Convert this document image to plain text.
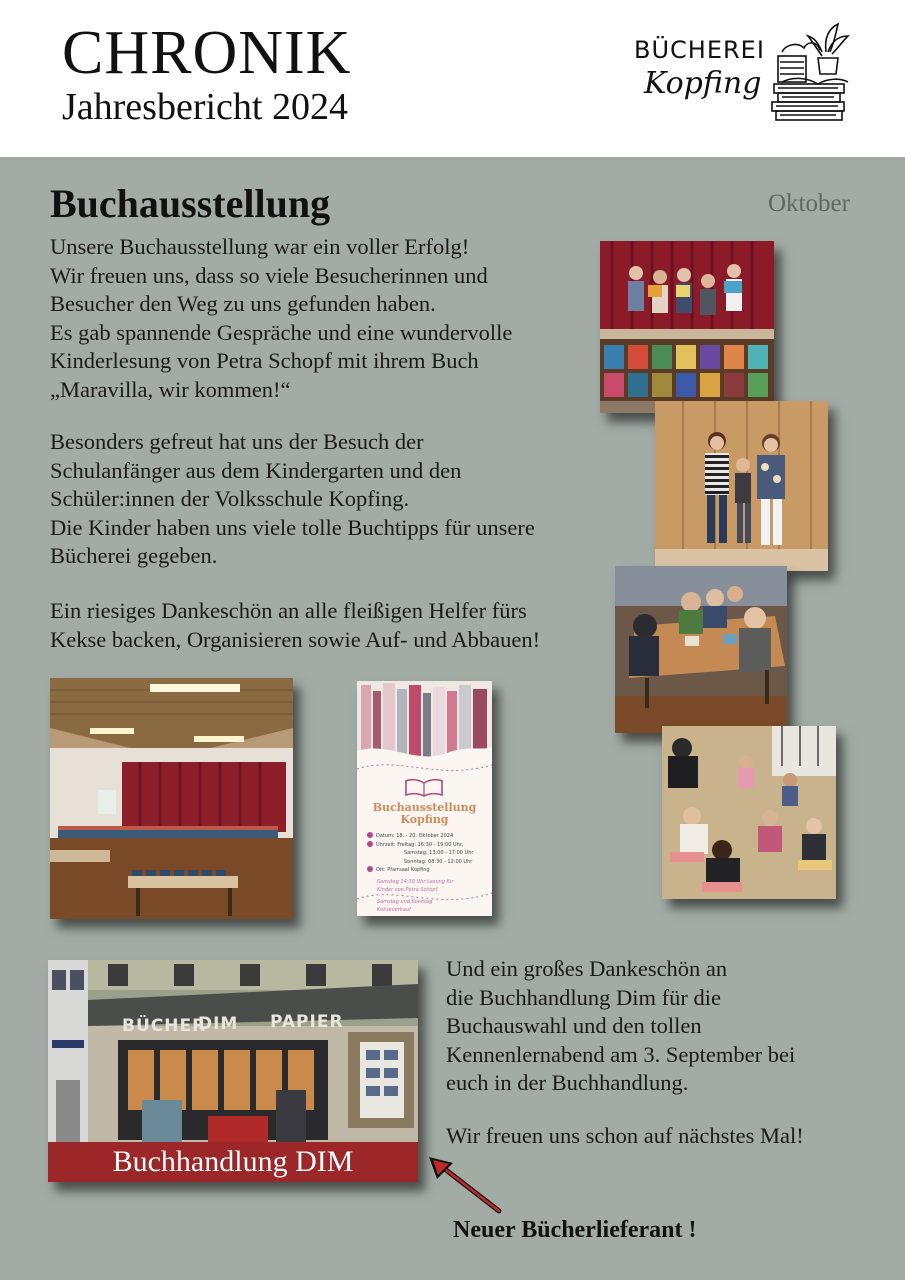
CHRONIK
Jahresbericht 2024
BÜCHEREI
Kopfing
Buchausstellung	Oktober
Unsere Buchausstellung war ein voller Erfolg!
Wir freuen uns, dass so viele Besucherinnen und
Besucher den Weg zu uns gefunden haben.
Es gab spannende Gespräche und eine wundervolle
Kinderlesung von Petra Schopf mit ihrem Buch
„Maravilla, wir kommen!“
Besonders gefreut hat uns der Besuch der
Schulanfänger aus dem Kindergarten und den
Schüler:innen der Volksschule Kopfing.
Die Kinder haben uns viele tolle Buchtipps für unsere
Bücherei gegeben.
Ein riesiges Dankeschön an alle fleißigen Helfer fürs
Kekse backen, Organisieren sowie Auf- und Abbauen!
Buchausstellung
Kopfing
Datum: 18. - 20. Oktober 2024
Uhrzeit: Freitag: 16:30 - 19:00 Uhr,
Samstag: 13:00 - 17:00 Uhr
Sonntag: 08:30 - 12:00 Uhr
Ort: Pfarrsaal Kopfing
Samstag 14:30 Uhr Lesung für
Kinder von Petra Schopf
Samstag und Sonntag
Kekseverkauf
BÜCHER
DIM PAPIER
Buchhandlung DIM
Und ein großes Dankeschön an
die Buchhandlung Dim für die
Buchauswahl und den tollen
Kennenlernabend am 3. September bei
euch in der Buchhandlung.
Wir freuen uns schon auf nächstes Mal!
Neuer Bücherlieferant !
